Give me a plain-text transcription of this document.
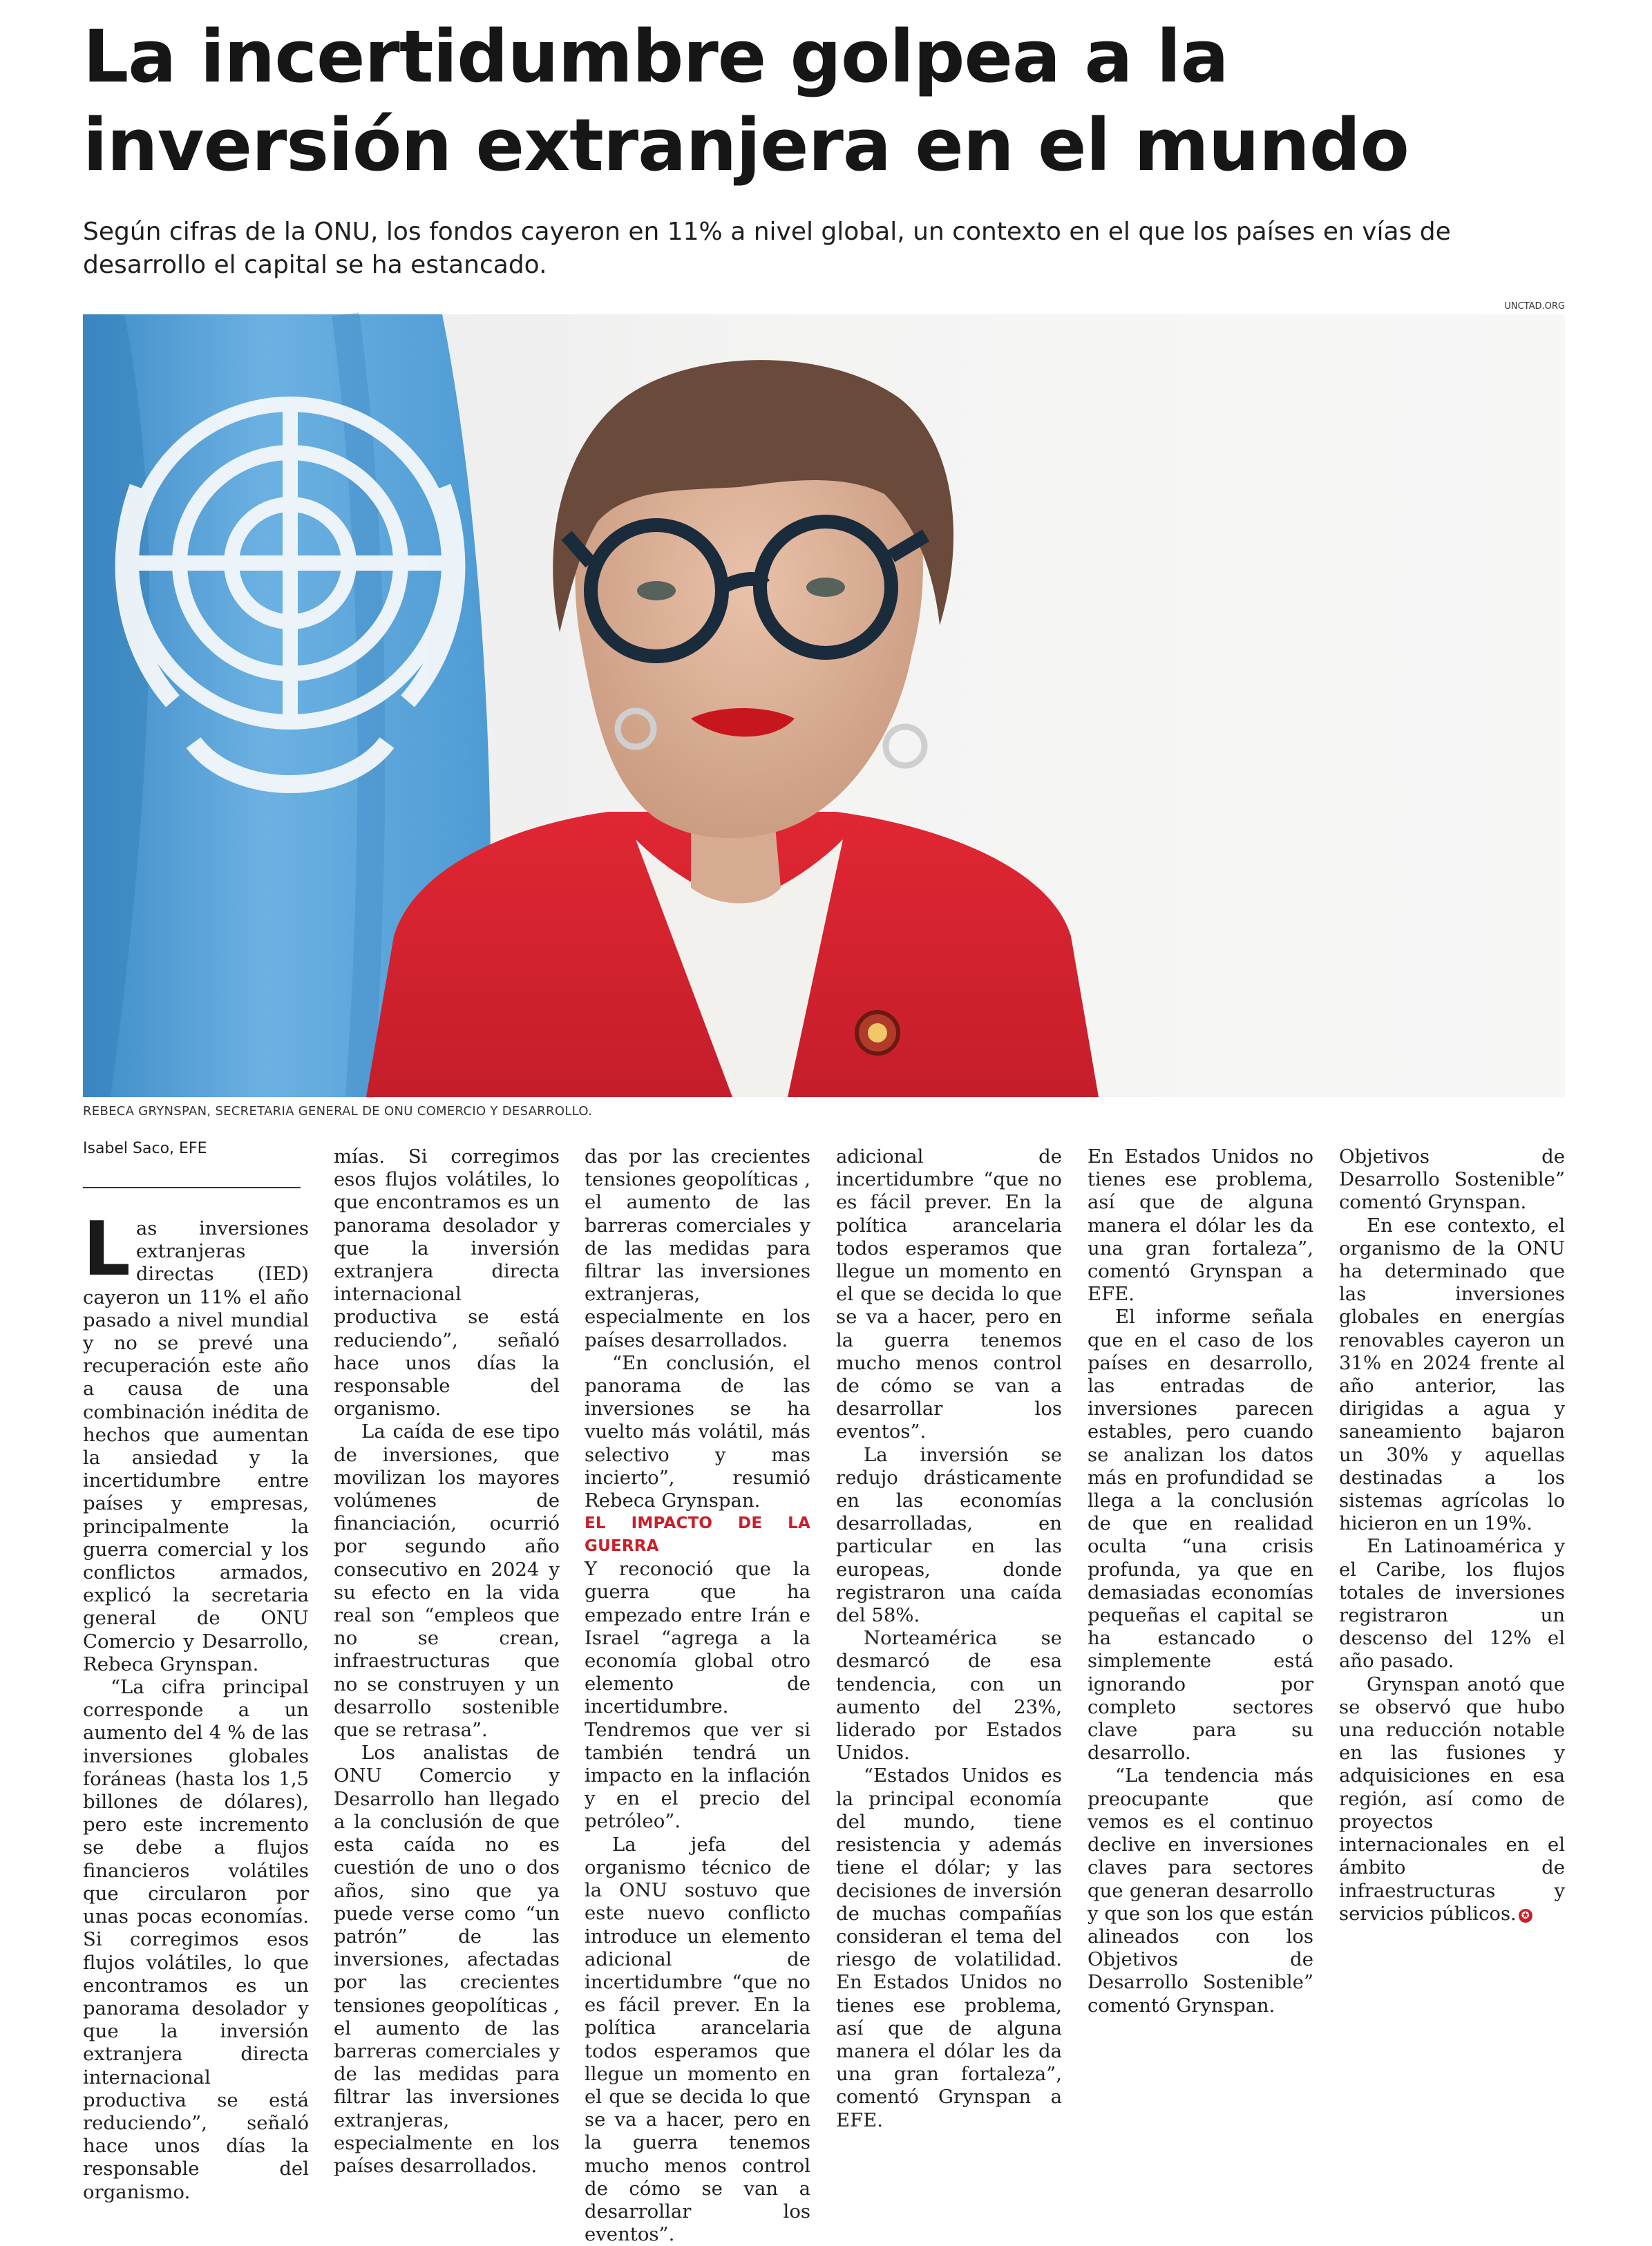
La incertidumbre golpea a la inversión extranjera en el mundo

Según cifras de la ONU, los fondos cayeron en 11% a nivel global, un contexto en el que los países en vías de desarrollo el capital se ha estancado.

UNCTAD.ORG
REBECA GRYNSPAN, SECRETARIA GENERAL DE ONU COMERCIO Y DESARROLLO.
Isabel Saco, EFE

Las inversiones extranjeras directas (IED) cayeron un 11% el año pasado a nivel mundial y no se prevé una recuperación este año a causa de una combinación inédita de hechos que aumentan la ansiedad y la incertidumbre entre países y empresas, principalmente la guerra comercial y los conflictos armados, explicó la secretaria general de ONU Comercio y Desarrollo, Rebeca Grynspan.

“La cifra principal corresponde a un aumento del 4 % de las inversiones globales foráneas (hasta los 1,5 billones de dólares), pero este incremento se debe a flujos financieros volátiles que circularon por unas pocas economías. Si corregimos esos flujos volátiles, lo que encontramos es un panorama desolador y que la inversión extranjera directa internacional productiva se está reduciendo”, señaló hace unos días la responsable del organismo.

mías. Si corregimos esos flujos volátiles, lo que encontramos es un panorama desolador y que la inversión extranjera directa internacional productiva se está reduciendo”, señaló hace unos días la responsable del organismo.

La caída de ese tipo de inversiones, que movilizan los mayores volúmenes de financiación, ocurrió por segundo año consecutivo en 2024 y su efecto en la vida real son “empleos que no se crean, infraestructuras que no se construyen y un desarrollo sostenible que se retrasa”.

Los analistas de ONU Comercio y Desarrollo han llegado a la conclusión de que esta caída no es cuestión de uno o dos años, sino que ya puede verse como “un patrón” de las inversiones, afectadas por las crecientes tensiones geopolíticas , el aumento de las barreras comerciales y de las medidas para filtrar las inversiones extranjeras, especialmente en los países desarrollados.

das por las crecientes tensiones geopolíticas , el aumento de las barreras comerciales y de las medidas para filtrar las inversiones extranjeras, especialmente en los países desarrollados.

“En conclusión, el panorama de las inversiones se ha vuelto más volátil, más selectivo y mas incierto”, resumió Rebeca Grynspan.

EL IMPACTO DE LA GUERRA

Y reconoció que la guerra que ha empezado entre Irán e Israel “agrega a la economía global otro elemento de incertidumbre. Tendremos que ver si también tendrá un impacto en la inflación y en el precio del petróleo”.

La jefa del organismo técnico de la ONU sostuvo que este nuevo conflicto introduce un elemento adicional de incertidumbre “que no es fácil prever. En la política arancelaria todos esperamos que llegue un momento en el que se decida lo que se va a hacer, pero en la guerra tenemos mucho menos control de cómo se van a desarrollar los eventos”.

adicional de incertidumbre “que no es fácil prever. En la política arancelaria todos esperamos que llegue un momento en el que se decida lo que se va a hacer, pero en la guerra tenemos mucho menos control de cómo se van a desarrollar los eventos”.

La inversión se redujo drásticamente en las economías desarrolladas, en particular en las europeas, donde registraron una caída del 58%.

Norteamérica se desmarcó de esa tendencia, con un aumento del 23%, liderado por Estados Unidos.

“Estados Unidos es la principal economía del mundo, tiene resistencia y además tiene el dólar; y las decisiones de inversión de muchas compañías consideran el tema del riesgo de volatilidad. En Estados Unidos no tienes ese problema, así que de alguna manera el dólar les da una gran fortaleza”, comentó Grynspan a EFE.

En Estados Unidos no tienes ese problema, así que de alguna manera el dólar les da una gran fortaleza”, comentó Grynspan a EFE.

El informe señala que en el caso de los países en desarrollo, las entradas de inversiones parecen estables, pero cuando se analizan los datos más en profundidad se llega a la conclusión de que en realidad oculta “una crisis profunda, ya que en demasiadas economías pequeñas el capital se ha estancado o simplemente está ignorando por completo sectores clave para su desarrollo.

“La tendencia más preocupante que vemos es el continuo declive en inversiones claves para sectores que generan desarrollo y que son los que están alineados con los Objetivos de Desarrollo Sostenible” comentó Grynspan.

Objetivos de Desarrollo Sostenible” comentó Grynspan.

En ese contexto, el organismo de la ONU ha determinado que las inversiones globales en energías renovables cayeron un 31% en 2024 frente al año anterior, las dirigidas a agua y saneamiento bajaron un 30% y aquellas destinadas a los sistemas agrícolas lo hicieron en un 19%.

En Latinoamérica y el Caribe, los flujos totales de inversiones registraron un descenso del 12% el año pasado.

Grynspan anotó que se observó que hubo una reducción notable en las fusiones y adquisiciones en esa región, así como de proyectos internacionales en el ámbito de infraestructuras y servicios públicos. ✪
